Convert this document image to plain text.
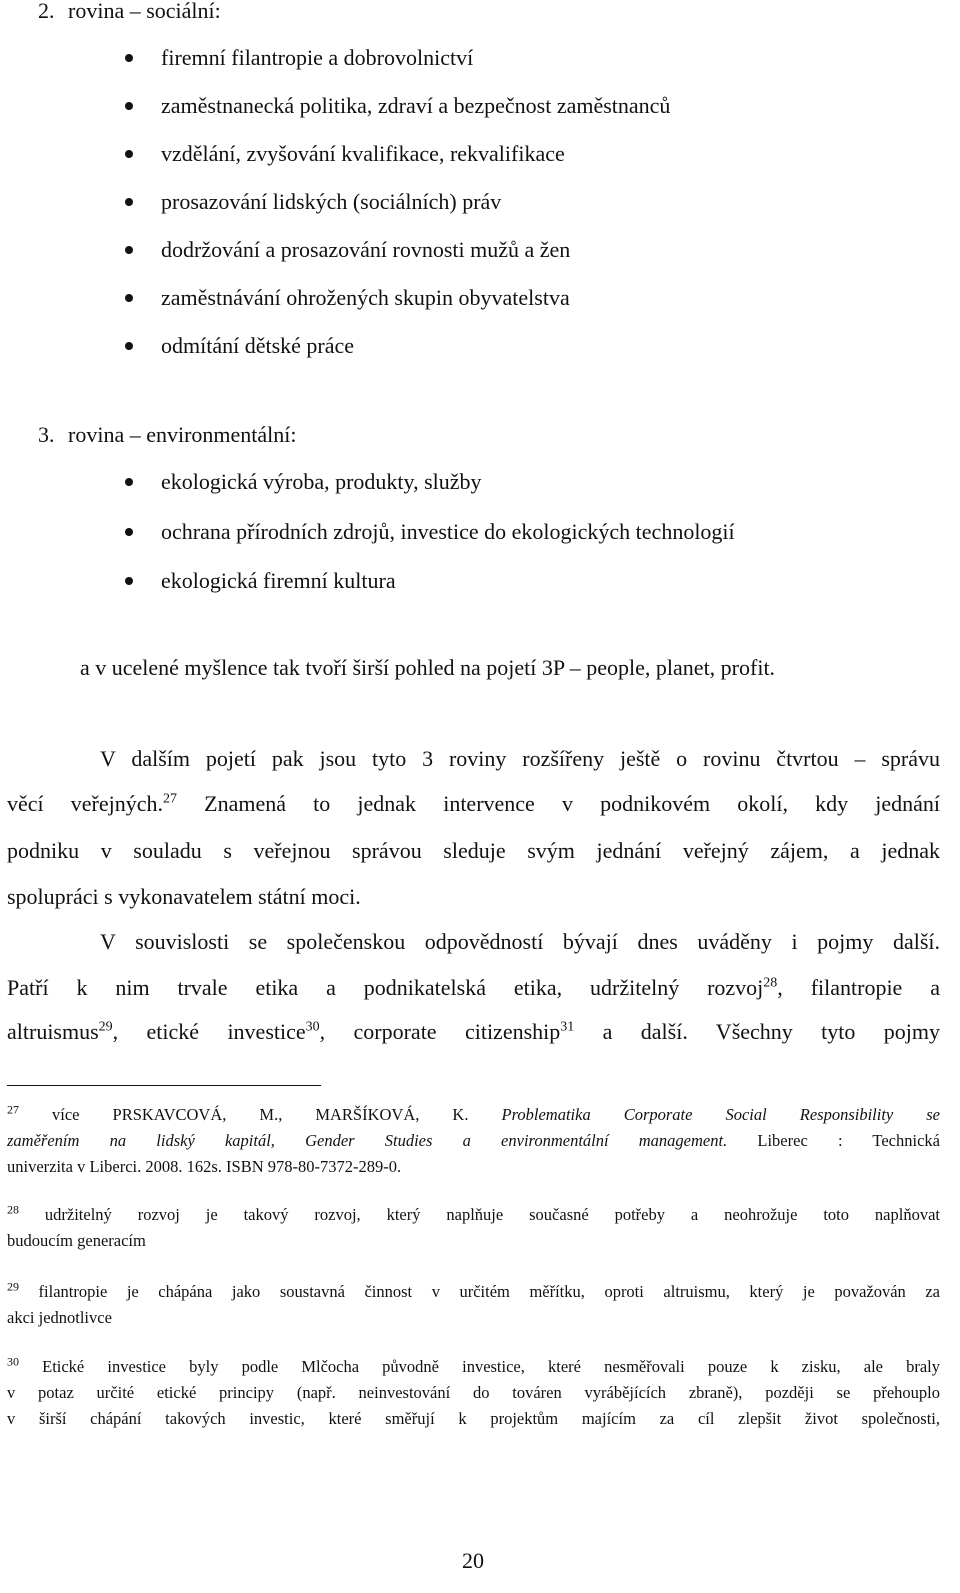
2. rovina – sociální:
firemní filantropie a dobrovolnictví
zaměstnanecká politika, zdraví a bezpečnost zaměstnanců
vzdělání, zvyšování kvalifikace, rekvalifikace
prosazování lidských (sociálních) práv
dodržování a prosazování rovnosti mužů a žen
zaměstnávání ohrožených skupin obyvatelstva
odmítání dětské práce
3. rovina – environmentální:
ekologická výroba, produkty, služby
ochrana přírodních zdrojů, investice do ekologických technologií
ekologická firemní kultura
a v ucelené myšlence tak tvoří širší pohled na pojetí 3P – people, planet, profit.
V dalším pojetí pak jsou tyto 3 roviny rozšířeny ještě o rovinu čtvrtou – správu
věcí veřejných.$^{27}$ Znamená to jednak intervence v podnikovém okolí, kdy jednání
podniku v souladu s veřejnou správou sleduje svým jednání veřejný zájem, a jednak
spolupráci s vykonavatelem státní moci.
V souvislosti se společenskou odpovědností bývají dnes uváděny i pojmy další.
Patří k nim trvale etika a podnikatelská etika, udržitelný rozvoj$^{28}$, filantropie a
altruismus$^{29}$, etické investice$^{30}$, corporate citizenship$^{31}$ a další. Všechny tyto pojmy
$^{27}$ více PRSKAVCOVÁ, M., MARŠÍKOVÁ, K. Problematika Corporate Social Responsibility se
zaměřením na lidský kapitál, Gender Studies a environmentální management. Liberec : Technická
univerzita v Liberci. 2008. 162s. ISBN 978-80-7372-289-0.
$^{28}$ udržitelný rozvoj je takový rozvoj, který naplňuje současné potřeby a neohrožuje toto naplňovat
budoucím generacím
$^{29}$ filantropie je chápána jako soustavná činnost v určitém měřítku, oproti altruismu, který je považován za
akci jednotlivce
$^{30}$ Etické investice byly podle Mlčocha původně investice, které nesměřovali pouze k zisku, ale braly
v potaz určité etické principy (např. neinvestování do továren vyrábějících zbraně), později se přehouplo
v širší chápání takových investic, které směřují k projektům majícím za cíl zlepšit život společnosti,
20
